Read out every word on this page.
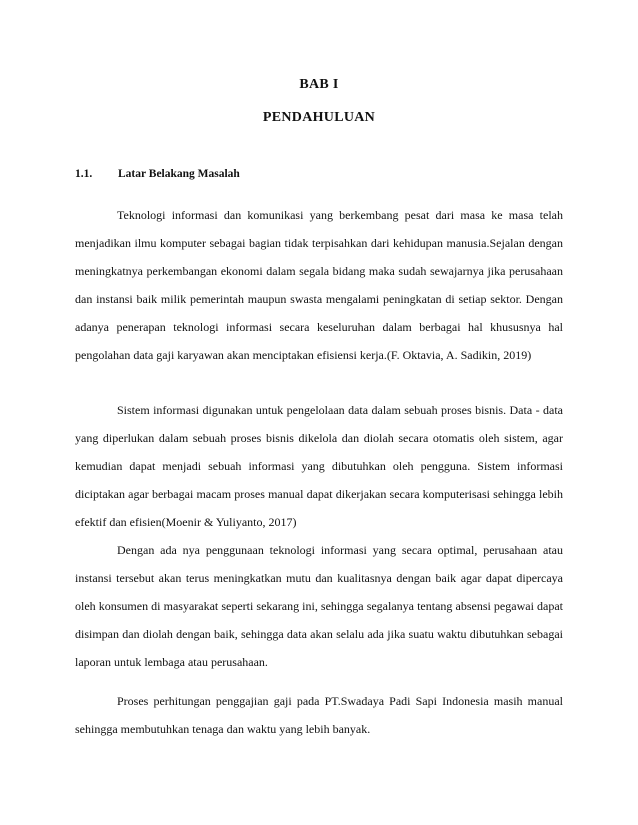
BAB I
PENDAHULUAN
1.1. Latar Belakang Masalah

Teknologi informasi dan komunikasi yang berkembang pesat dari masa ke masa telah menjadikan ilmu komputer sebagai bagian tidak terpisahkan dari kehidupan manusia.Sejalan dengan meningkatnya perkembangan ekonomi dalam segala bidang maka sudah sewajarnya jika perusahaan dan instansi baik milik pemerintah maupun swasta mengalami peningkatan di setiap sektor. Dengan adanya penerapan teknologi informasi secara keseluruhan dalam berbagai hal khususnya hal pengolahan data gaji karyawan akan menciptakan efisiensi kerja.(F. Oktavia, A. Sadikin, 2019)

Sistem informasi digunakan untuk pengelolaan data dalam sebuah proses bisnis. Data - data yang diperlukan dalam sebuah proses bisnis dikelola dan diolah secara otomatis oleh sistem, agar kemudian dapat menjadi sebuah informasi yang dibutuhkan oleh pengguna. Sistem informasi diciptakan agar berbagai macam proses manual dapat dikerjakan secara komputerisasi sehingga lebih efektif dan efisien(Moenir & Yuliyanto, 2017)

Dengan ada nya penggunaan teknologi informasi yang secara optimal, perusahaan atau instansi tersebut akan terus meningkatkan mutu dan kualitasnya dengan baik agar dapat dipercaya oleh konsumen di masyarakat seperti sekarang ini, sehingga segalanya tentang absensi pegawai dapat disimpan dan diolah dengan baik, sehingga data akan selalu ada jika suatu waktu dibutuhkan sebagai laporan untuk lembaga atau perusahaan.

Proses perhitungan penggajian gaji pada PT.Swadaya Padi Sapi Indonesia masih manual sehingga membutuhkan tenaga dan waktu yang lebih banyak.
